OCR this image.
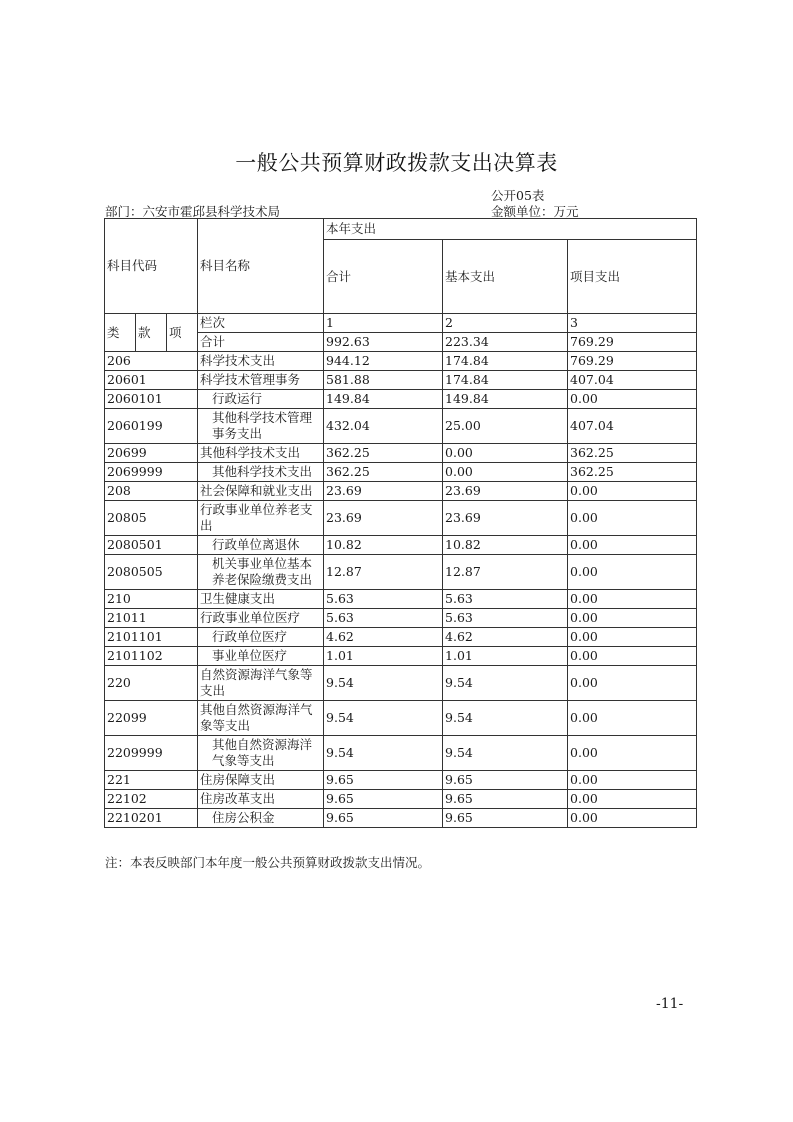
一般公共预算财政拨款支出决算表
公开05表
部门：六安市霍邱县科学技术局	金额单位：万元
科目代码			科目名称	本年支出		
				合计	基本支出	项目支出
类	款	项	栏次	1	2	3
			合计	992.63	223.34	769.29
206			科学技术支出	944.12	174.84	769.29
20601			科学技术管理事务	581.88	174.84	407.04
2060101			行政运行	149.84	149.84	0.00
2060199			其他科学技术管理事务支出	432.04	25.00	407.04
20699			其他科学技术支出	362.25	0.00	362.25
2069999			其他科学技术支出	362.25	0.00	362.25
208			社会保障和就业支出	23.69	23.69	0.00
20805			行政事业单位养老支出	23.69	23.69	0.00
2080501			行政单位离退休	10.82	10.82	0.00
2080505			机关事业单位基本养老保险缴费支出	12.87	12.87	0.00
210			卫生健康支出	5.63	5.63	0.00
21011			行政事业单位医疗	5.63	5.63	0.00
2101101			行政单位医疗	4.62	4.62	0.00
2101102			事业单位医疗	1.01	1.01	0.00
220			自然资源海洋气象等支出	9.54	9.54	0.00
22099			其他自然资源海洋气象等支出	9.54	9.54	0.00
2209999			其他自然资源海洋气象等支出	9.54	9.54	0.00
221			住房保障支出	9.65	9.65	0.00
22102			住房改革支出	9.65	9.65	0.00
2210201			住房公积金	9.65	9.65	0.00
注：本表反映部门本年度一般公共预算财政拨款支出情况。
-11-
